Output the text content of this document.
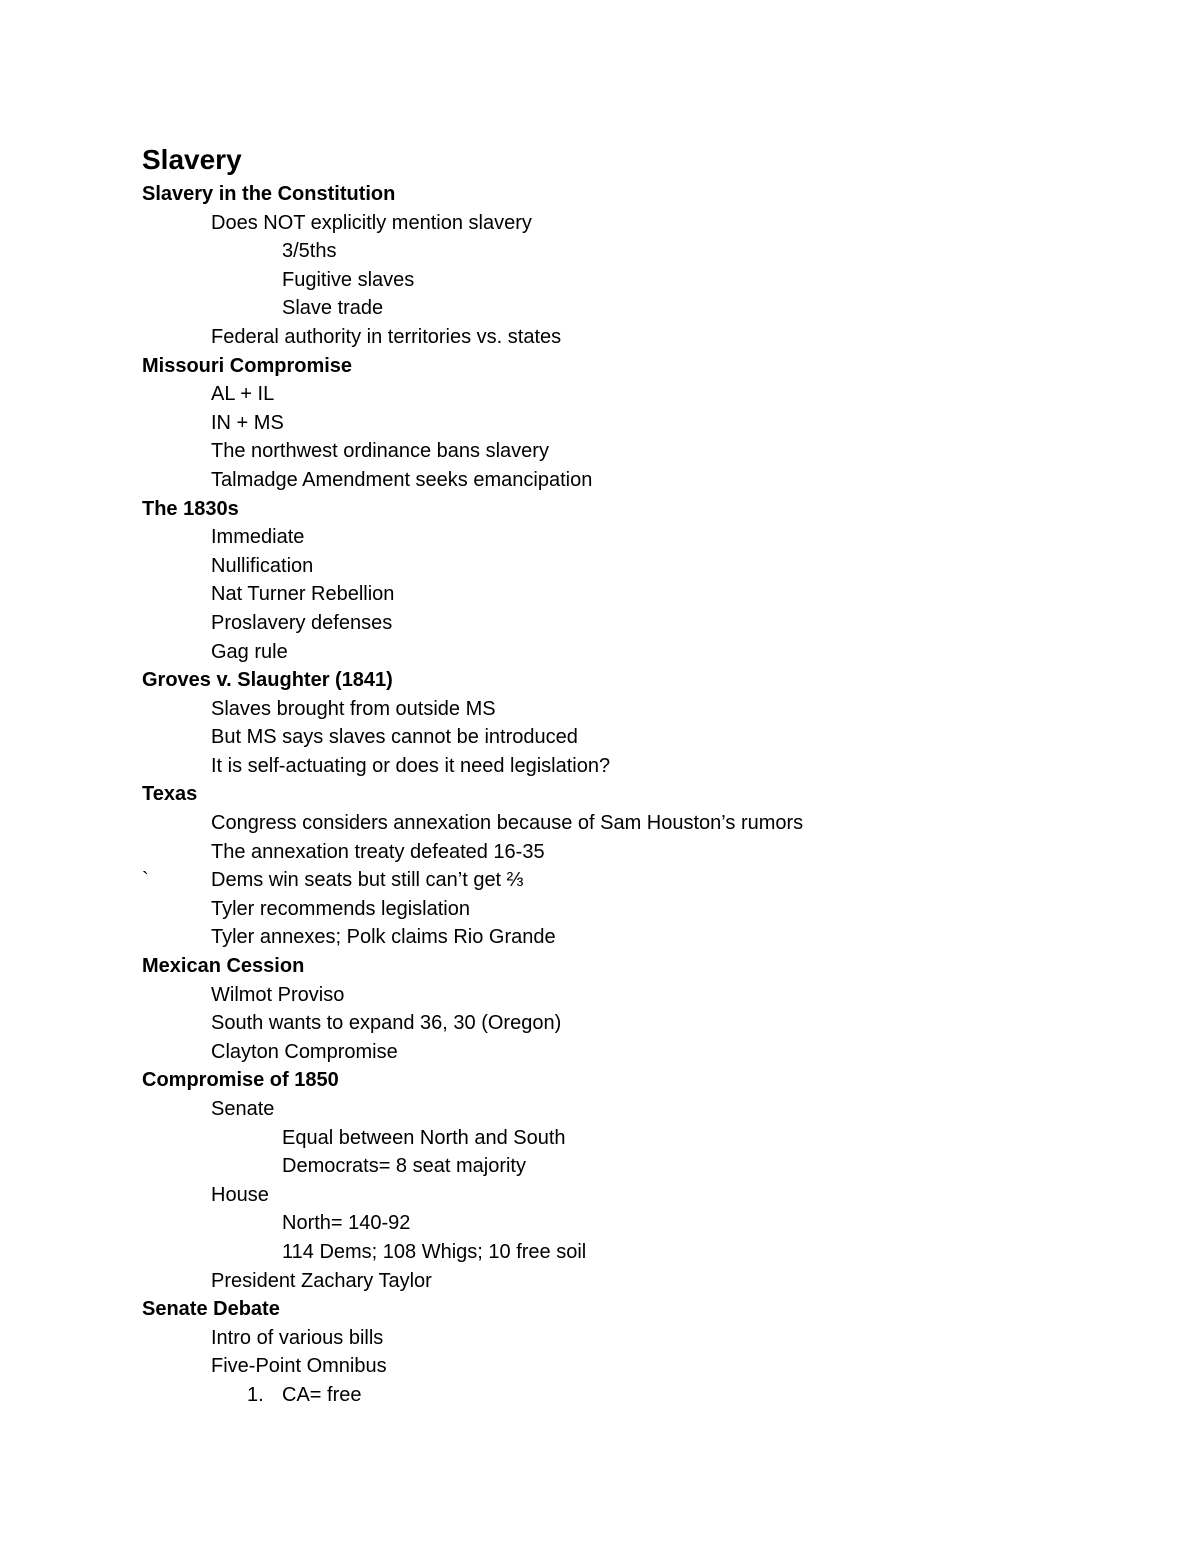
Slavery
Slavery in the Constitution
Does NOT explicitly mention slavery
3/5ths
Fugitive slaves
Slave trade
Federal authority in territories vs. states
Missouri Compromise
AL + IL
IN + MS
The northwest ordinance bans slavery
Talmadge Amendment seeks emancipation
The 1830s
Immediate
Nullification
Nat Turner Rebellion
Proslavery defenses
Gag rule
Groves v. Slaughter (1841)
Slaves brought from outside MS
But MS says slaves cannot be introduced
It is self-actuating or does it need legislation?
Texas
Congress considers annexation because of Sam Houston’s rumors
The annexation treaty defeated 16-35
`	Dems win seats but still can’t get ⅔
Tyler recommends legislation
Tyler annexes; Polk claims Rio Grande
Mexican Cession
Wilmot Proviso
South wants to expand 36, 30 (Oregon)
Clayton Compromise
Compromise of 1850
Senate
Equal between North and South
Democrats= 8 seat majority
House
North= 140-92
114 Dems; 108 Whigs; 10 free soil
President Zachary Taylor
Senate Debate
Intro of various bills
Five-Point Omnibus
1. CA= free
